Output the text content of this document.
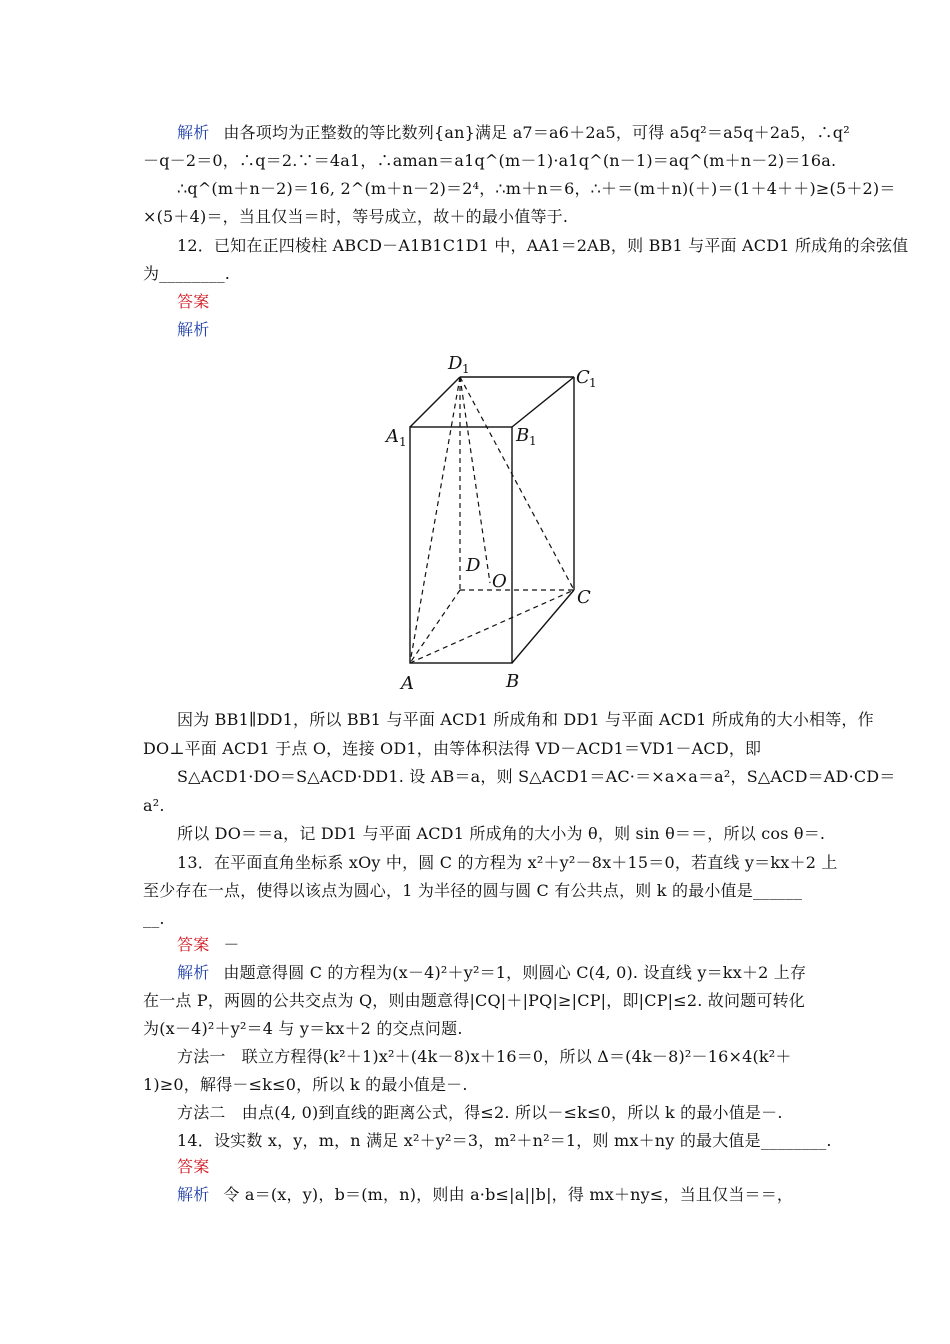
解析 由各项均为正整数的等比数列{an}满足 a7＝a6＋2a5，可得 a5q²＝a5q＋2a5，∴q²
－q－2＝0，∴q＝2.∵＝4a1，∴aman＝a1q^(m－1)·a1q^(n－1)＝aq^(m＋n－2)＝16a.
∴q^(m＋n－2)＝16, 2^(m＋n－2)＝2⁴，∴m＋n＝6，∴＋＝(m＋n)(＋)＝(1＋4＋＋)≥(5＋2)＝
×(5＋4)＝，当且仅当＝时，等号成立，故＋的最小值等于.
12．已知在正四棱柱 ABCD－A1B1C1D1 中，AA1＝2AB，则 BB1 与平面 ACD1 所成角的余弦值
为________.
答案
解析
D 1	C 1
A 1	B 1
D
O
C
A	B
因为 BB1∥DD1，所以 BB1 与平面 ACD1 所成角和 DD1 与平面 ACD1 所成角的大小相等，作
DO⊥平面 ACD1 于点 O，连接 OD1，由等体积法得 VD－ACD1＝VD1－ACD，即
S△ACD1·DO＝S△ACD·DD1. 设 AB＝a，则 S△ACD1＝AC·＝×a×a＝a²，S△ACD＝AD·CD＝
a².
所以 DO＝＝a，记 DD1 与平面 ACD1 所成角的大小为 θ，则 sin θ＝＝，所以 cos θ＝.
13．在平面直角坐标系 xOy 中，圆 C 的方程为 x²＋y²－8x＋15＝0，若直线 y＝kx＋2 上
至少存在一点，使得以该点为圆心，1 为半径的圆与圆 C 有公共点，则 k 的最小值是______
__.
答案 －
解析 由题意得圆 C 的方程为(x－4)²＋y²＝1，则圆心 C(4, 0). 设直线 y＝kx＋2 上存
在一点 P，两圆的公共交点为 Q，则由题意得|CQ|＋|PQ|≥|CP|，即|CP|≤2. 故问题可转化
为(x－4)²＋y²＝4 与 y＝kx＋2 的交点问题.
方法一　联立方程得(k²＋1)x²＋(4k－8)x＋16＝0，所以 Δ＝(4k－8)²－16×4(k²＋
1)≥0，解得－≤k≤0，所以 k 的最小值是－.
方法二　由点(4, 0)到直线的距离公式，得≤2. 所以－≤k≤0，所以 k 的最小值是－.
14．设实数 x，y，m，n 满足 x²＋y²＝3，m²＋n²＝1，则 mx＋ny 的最大值是________.
答案
解析 令 a＝(x，y)，b＝(m，n)，则由 a·b≤|a||b|，得 mx＋ny≤，当且仅当＝＝，
